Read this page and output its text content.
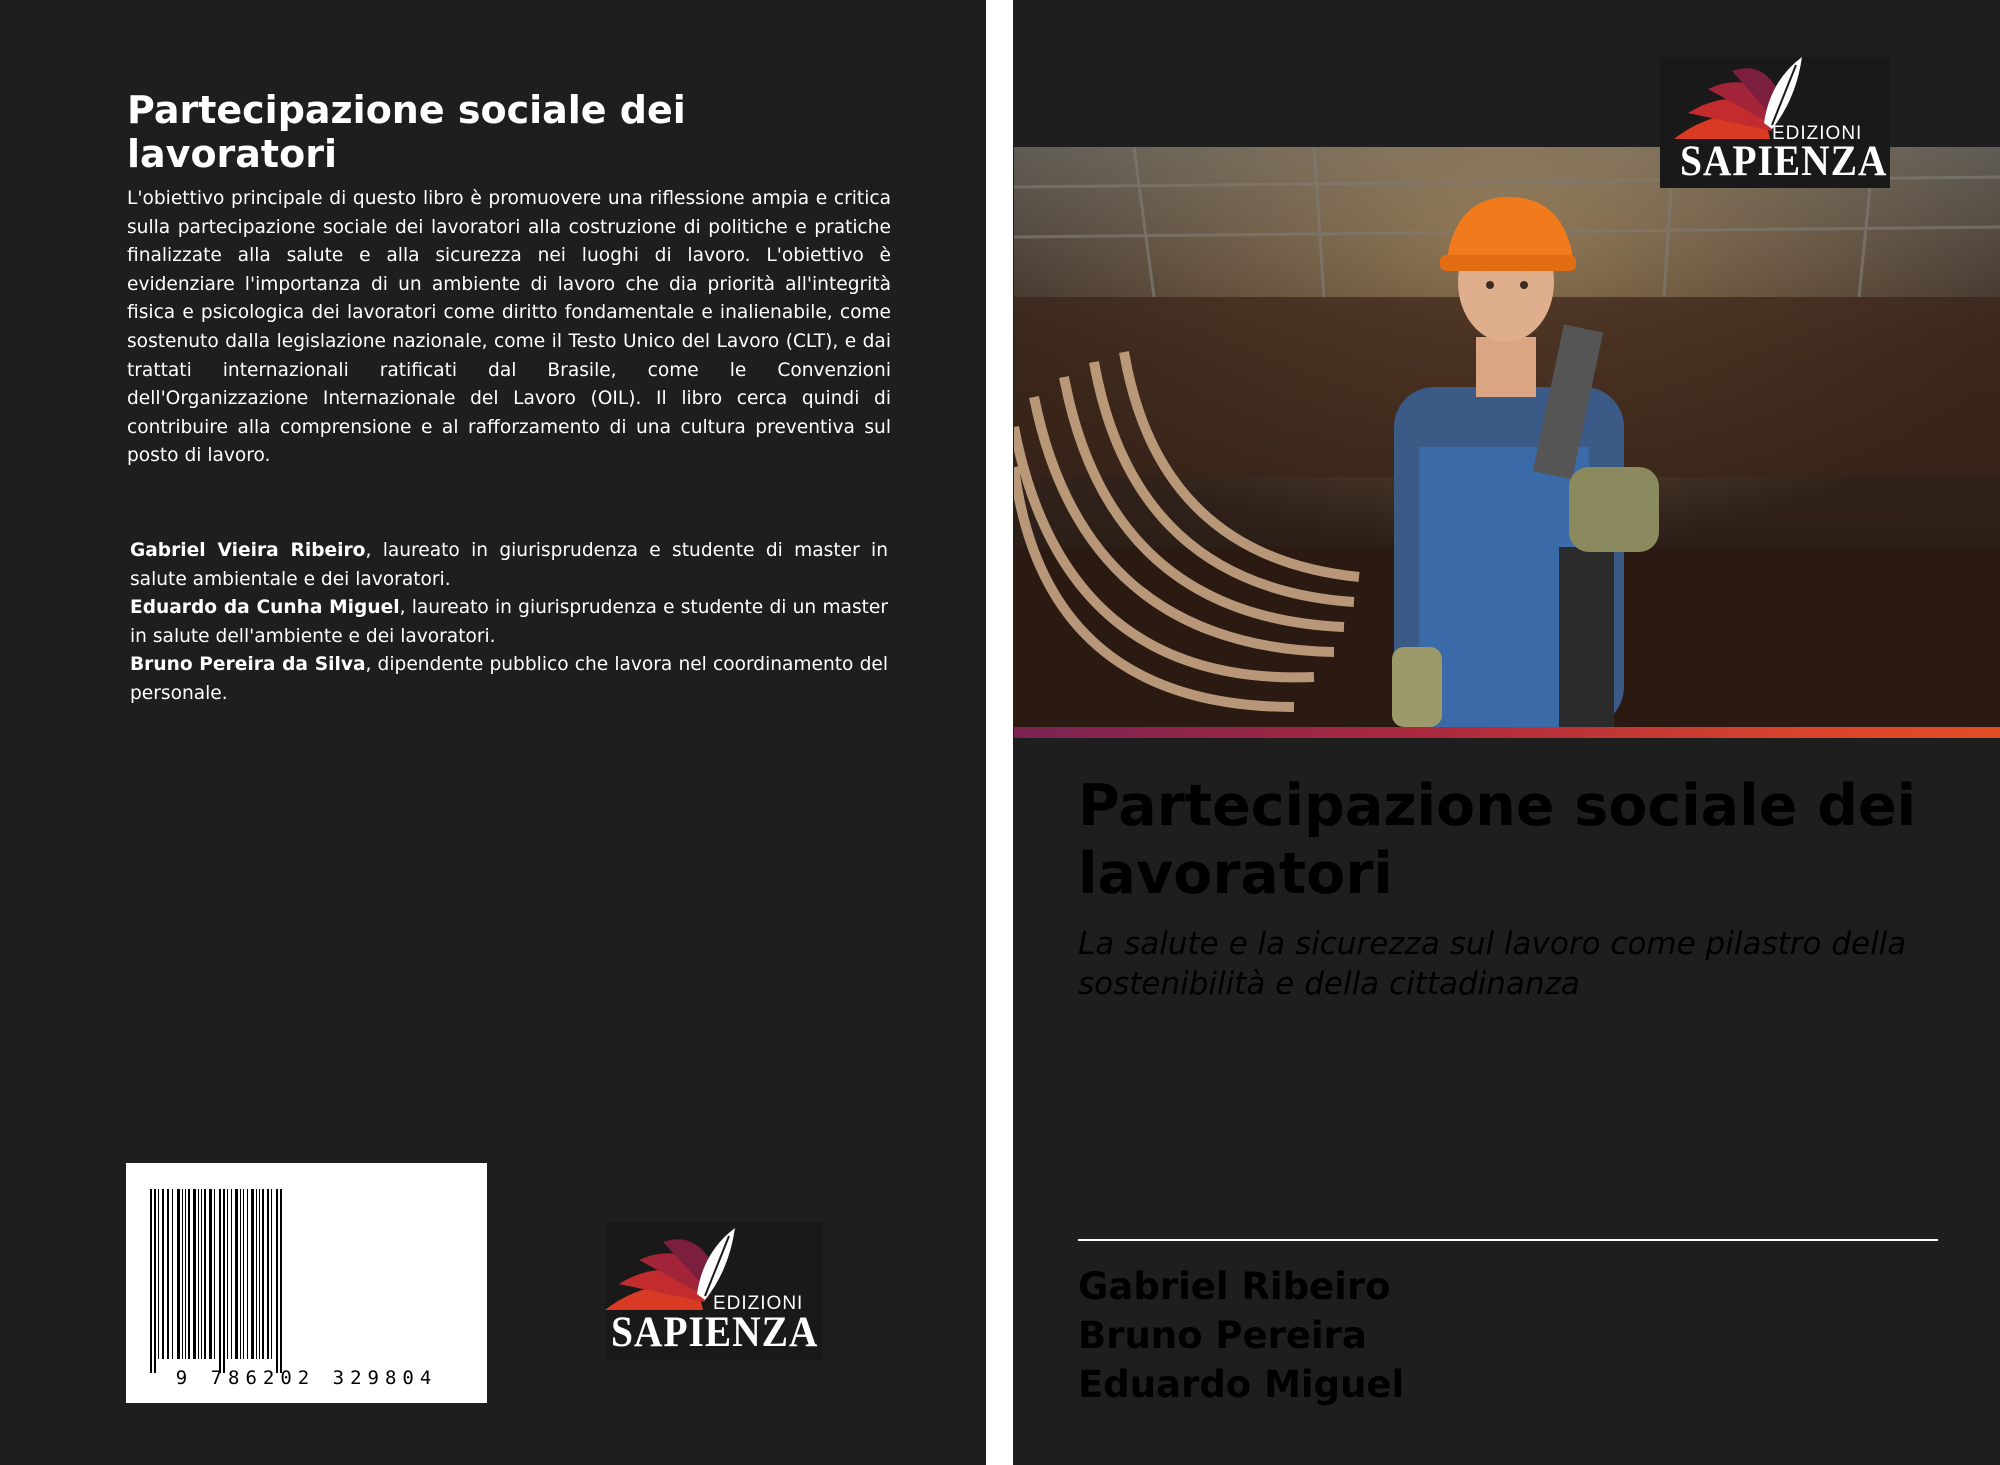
Partecipazione sociale dei lavoratori

L'obiettivo principale di questo libro è promuovere una riflessione ampia e critica sulla partecipazione sociale dei lavoratori alla costruzione di politiche e pratiche finalizzate alla salute e alla sicurezza nei luoghi di lavoro. L'obiettivo è evidenziare l'importanza di un ambiente di lavoro che dia priorità all'integrità fisica e psicologica dei lavoratori come diritto fondamentale e inalienabile, come sostenuto dalla legislazione nazionale, come il Testo Unico del Lavoro (CLT), e dai trattati internazionali ratificati dal Brasile, come le Convenzioni dell'Organizzazione Internazionale del Lavoro (OIL). Il libro cerca quindi di contribuire alla comprensione e al rafforzamento di una cultura preventiva sul posto di lavoro.

Gabriel Vieira Ribeiro, laureato in giurisprudenza e studente di master in salute ambientale e dei lavoratori.

Eduardo da Cunha Miguel, laureato in giurisprudenza e studente di un master in salute dell'ambiente e dei lavoratori.

Bruno Pereira da Silva, dipendente pubblico che lavora nel coordinamento del personale.

9 786202 329804
EDIZIONI
SAPIENZA
EDIZIONI
SAPIENZA
Partecipazione sociale dei lavoratori

La salute e la sicurezza sul lavoro come pilastro della
sostenibilità e della cittadinanza

Gabriel Ribeiro
Bruno Pereira
Eduardo Miguel
